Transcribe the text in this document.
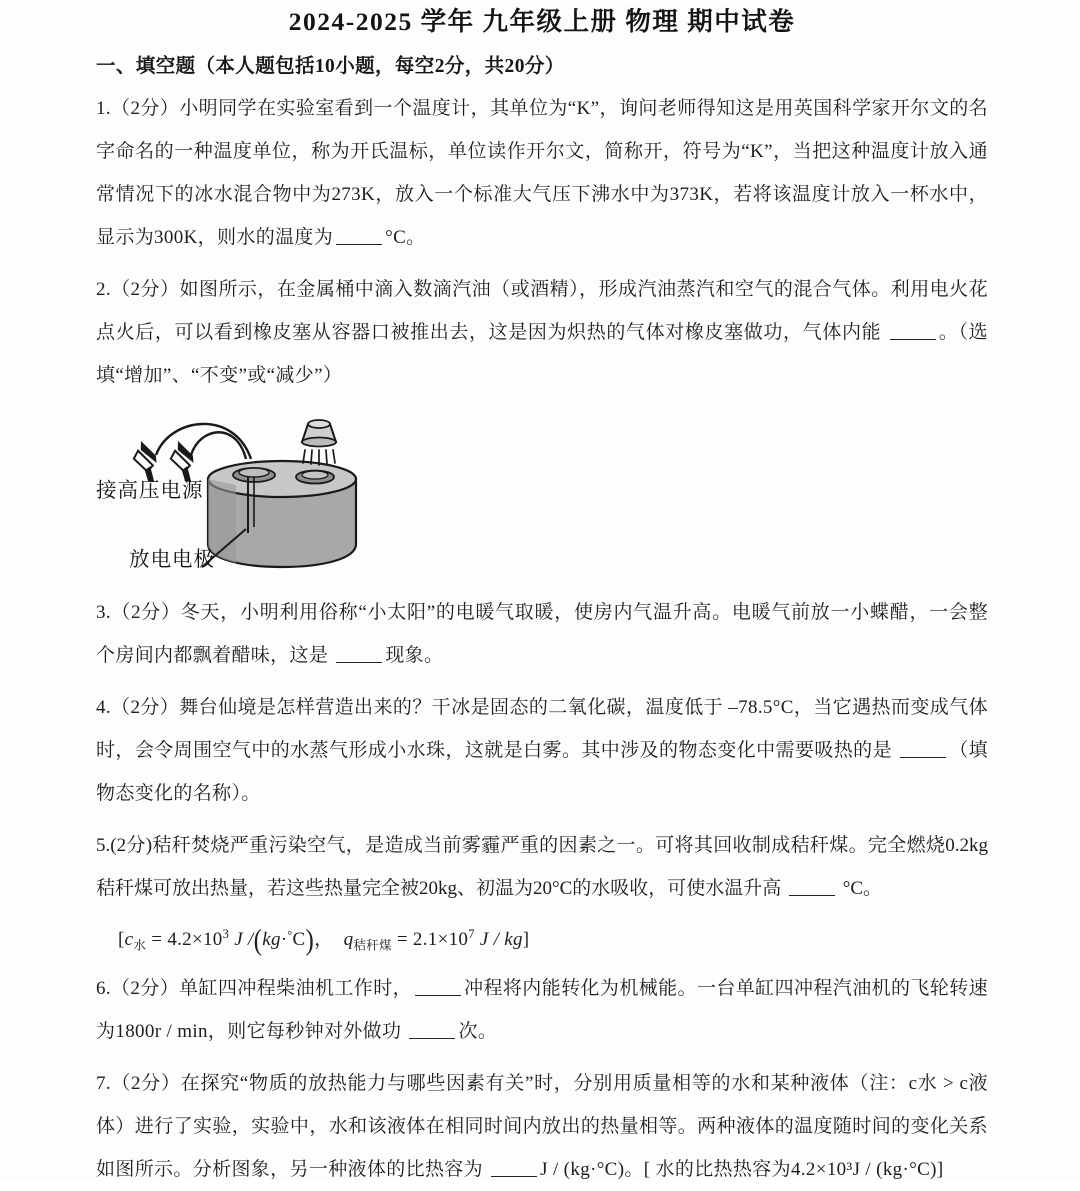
2024-2025 学年 九年级上册 物理 期中试卷
一、填空题（本人题包括10小题，每空2分，共20分）
1.（2分）小明同学在实验室看到一个温度计，其单位为“K”，询问老师得知这是用英国科学家开尔文的名字命名的一种温度单位，称为开氏温标，单位读作开尔文，简称开，符号为“K”，当把这种温度计放入通常情况下的冰水混合物中为273K，放入一个标准大气压下沸水中为373K，若将该温度计放入一杯水中，显示为300K，则水的温度为	°C。
2.（2分）如图所示，在金属桶中滴入数滴汽油（或酒精），形成汽油蒸汽和空气的混合气体。利用电火花点火后，可以看到橡皮塞从容器口被推出去，这是因为炽热的气体对橡皮塞做功，气体内能	。（选填“增加”、“不变”或“减少”）
接高压电源
放电电极
3.（2分）冬天，小明利用俗称“小太阳”的电暖气取暖，使房内气温升高。电暖气前放一小蝶醋，一会整个房间内都飘着醋味，这是	现象。
4.（2分）舞台仙境是怎样营造出来的？干冰是固态的二氧化碳，温度低于 –78.5°C，当它遇热而变成气体时，会令周围空气中的水蒸气形成小水珠，这就是白雾。其中涉及的物态变化中需要吸热的是	（填物态变化的名称）。
5.(2分)秸秆焚烧严重污染空气，是造成当前雾霾严重的因素之一。可将其回收制成秸秆煤。完全燃烧0.2kg秸秆煤可放出热量，若这些热量完全被20kg、初温为20°C的水吸收，可使水温升高	°C。
[$c_水 = 4.2\times 10^3$ J /(kg·°C)， $q_{秸秆煤} = 2.1\times 10^7$ J / kg]
6.（2分）单缸四冲程柴油机工作时，	冲程将内能转化为机械能。一台单缸四冲程汽油机的飞轮转速为1800r / min，则它每秒钟对外做功	次。
7.（2分）在探究“物质的放热能力与哪些因素有关”时，分别用质量相等的水和某种液体（注：c水 > c液体）进行了实验，实验中，水和该液体在相同时间内放出的热量相等。两种液体的温度随时间的变化关系如图所示。分析图象，另一种液体的比热容为	J / (kg·°C)。[ 水的比热热容为4.2×10³J / (kg·°C)]
